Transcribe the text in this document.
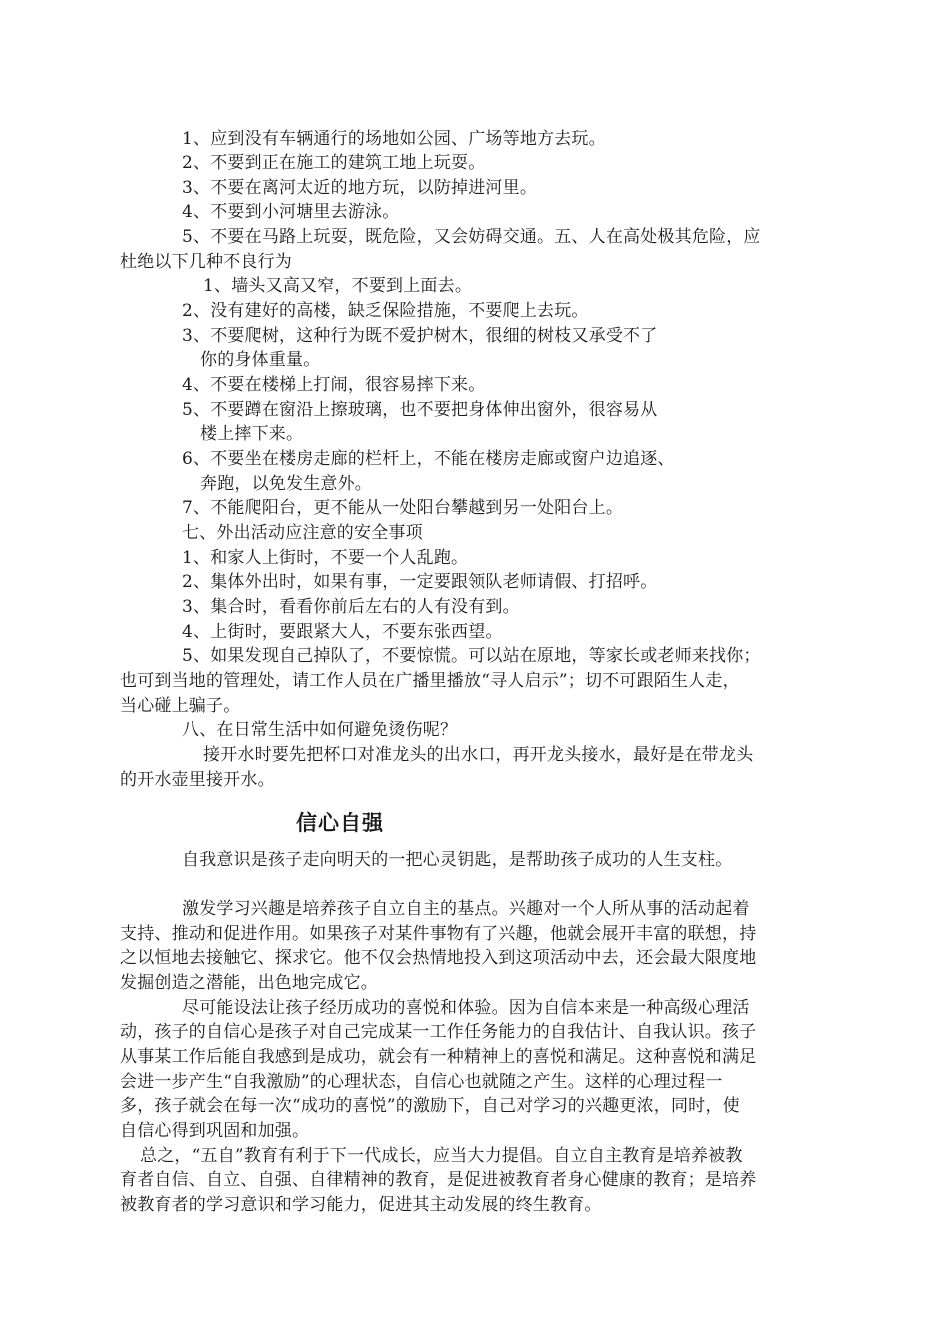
1、应到没有车辆通行的场地如公园、广场等地方去玩。
2、不要到正在施工的建筑工地上玩耍。
3、不要在离河太近的地方玩，以防掉进河里。
4、不要到小河塘里去游泳。
5、不要在马路上玩耍，既危险，又会妨碍交通。五、人在高处极其危险，应
杜绝以下几种不良行为
1、墙头又高又窄，不要到上面去。
2、没有建好的高楼，缺乏保险措施，不要爬上去玩。
3、不要爬树，这种行为既不爱护树木，很细的树枝又承受不了
你的身体重量。
4、不要在楼梯上打闹，很容易摔下来。
5、不要蹲在窗沿上擦玻璃，也不要把身体伸出窗外，很容易从
楼上摔下来。
6、不要坐在楼房走廊的栏杆上，不能在楼房走廊或窗户边追逐、
奔跑，以免发生意外。
7、不能爬阳台，更不能从一处阳台攀越到另一处阳台上。
七、外出活动应注意的安全事项
1、和家人上街时，不要一个人乱跑。
2、集体外出时，如果有事，一定要跟领队老师请假、打招呼。
3、集合时，看看你前后左右的人有没有到。
4、上街时，要跟紧大人，不要东张西望。
5、如果发现自己掉队了，不要惊慌。可以站在原地，等家长或老师来找你；
也可到当地的管理处，请工作人员在广播里播放“寻人启示”；切不可跟陌生人走，
当心碰上骗子。
八、在日常生活中如何避免烫伤呢？
接开水时要先把杯口对准龙头的出水口，再开龙头接水，最好是在带龙头
的开水壶里接开水。
信心自强
自我意识是孩子走向明天的一把心灵钥匙，是帮助孩子成功的人生支柱。
激发学习兴趣是培养孩子自立自主的基点。兴趣对一个人所从事的活动起着
支持、推动和促进作用。如果孩子对某件事物有了兴趣，他就会展开丰富的联想，持
之以恒地去接触它、探求它。他不仅会热情地投入到这项活动中去，还会最大限度地
发掘创造之潜能，出色地完成它。
尽可能设法让孩子经历成功的喜悦和体验。因为自信本来是一种高级心理活
动，孩子的自信心是孩子对自己完成某一工作任务能力的自我估计、自我认识。孩子
从事某工作后能自我感到是成功，就会有一种精神上的喜悦和满足。这种喜悦和满足
会进一步产生“自我激励”的心理状态，自信心也就随之产生。这样的心理过程一
多，孩子就会在每一次“成功的喜悦”的激励下，自己对学习的兴趣更浓，同时，使
自信心得到巩固和加强。
总之，“五自”教育有利于下一代成长，应当大力提倡。自立自主教育是培养被教
育者自信、自立、自强、自律精神的教育，是促进被教育者身心健康的教育；是培养
被教育者的学习意识和学习能力，促进其主动发展的终生教育。
